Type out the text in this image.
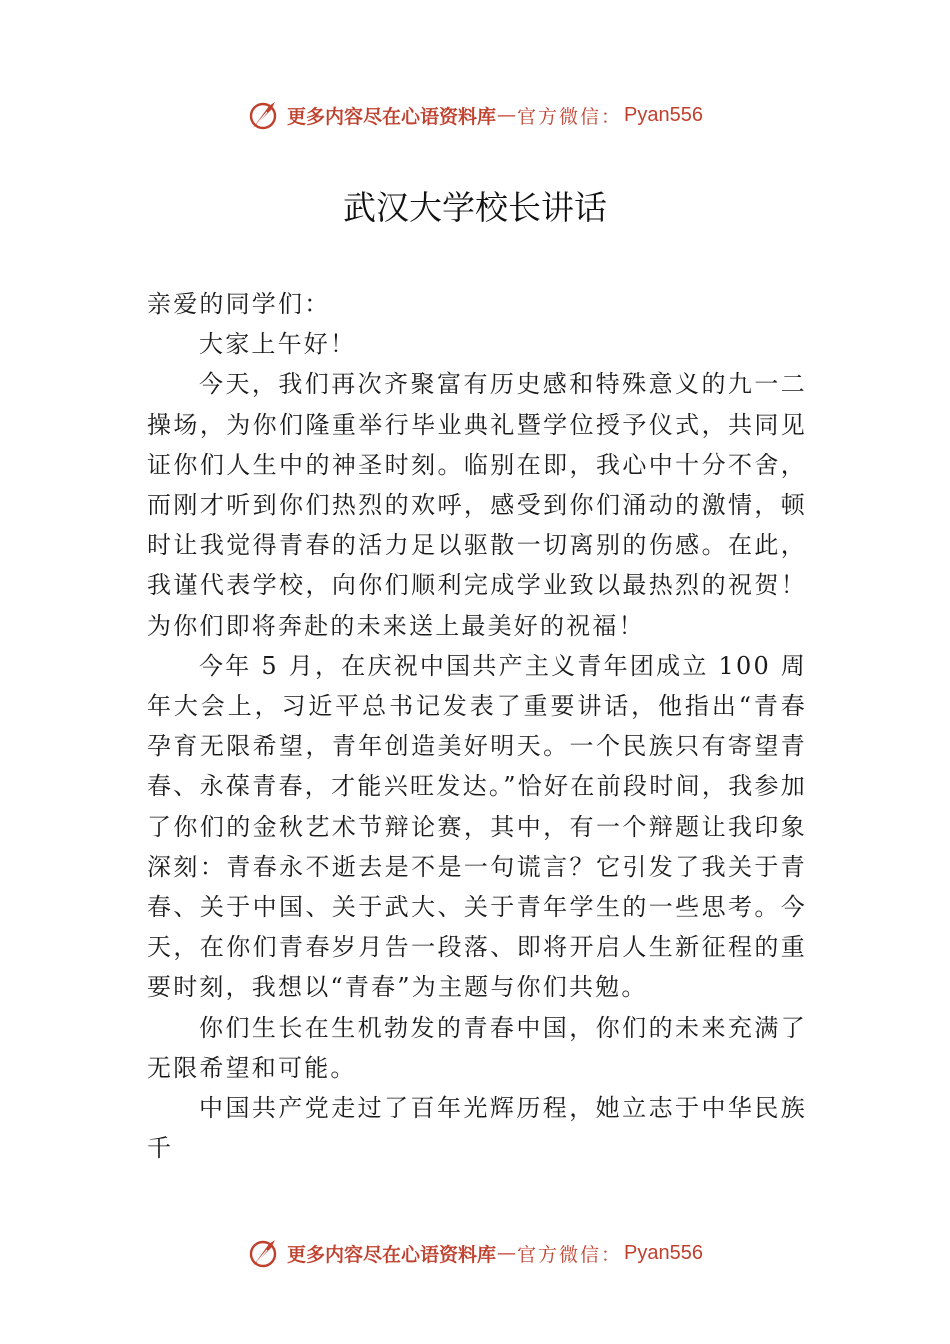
更多内容尽在心语资料库 — 官方微信： Pyan556
武汉大学校长讲话

亲爱的同学们：

大家上午好！

今天，我们再次齐聚富有历史感和特殊意义的九一二操场，为你们隆重举行毕业典礼暨学位授予仪式，共同见证你们人生中的神圣时刻。临别在即，我心中十分不舍，而刚才听到你们热烈的欢呼，感受到你们涌动的激情，顿时让我觉得青春的活力足以驱散一切离别的伤感。在此，我谨代表学校，向你们顺利完成学业致以最热烈的祝贺！为你们即将奔赴的未来送上最美好的祝福！

今年 5 月，在庆祝中国共产主义青年团成立 100 周年大会上，习近平总书记发表了重要讲话，他指出“青春孕育无限希望，青年创造美好明天。一个民族只有寄望青春、永葆青春，才能兴旺发达。”恰好在前段时间，我参加了你们的金秋艺术节辩论赛，其中，有一个辩题让我印象深刻：青春永不逝去是不是一句谎言？它引发了我关于青春、关于中国、关于武大、关于青年学生的一些思考。今天，在你们青春岁月告一段落、即将开启人生新征程的重要时刻，我想以“青春”为主题与你们共勉。

你们生长在生机勃发的青春中国，你们的未来充满了无限希望和可能。

中国共产党走过了百年光辉历程，她立志于中华民族千

更多内容尽在心语资料库 — 官方微信： Pyan556
